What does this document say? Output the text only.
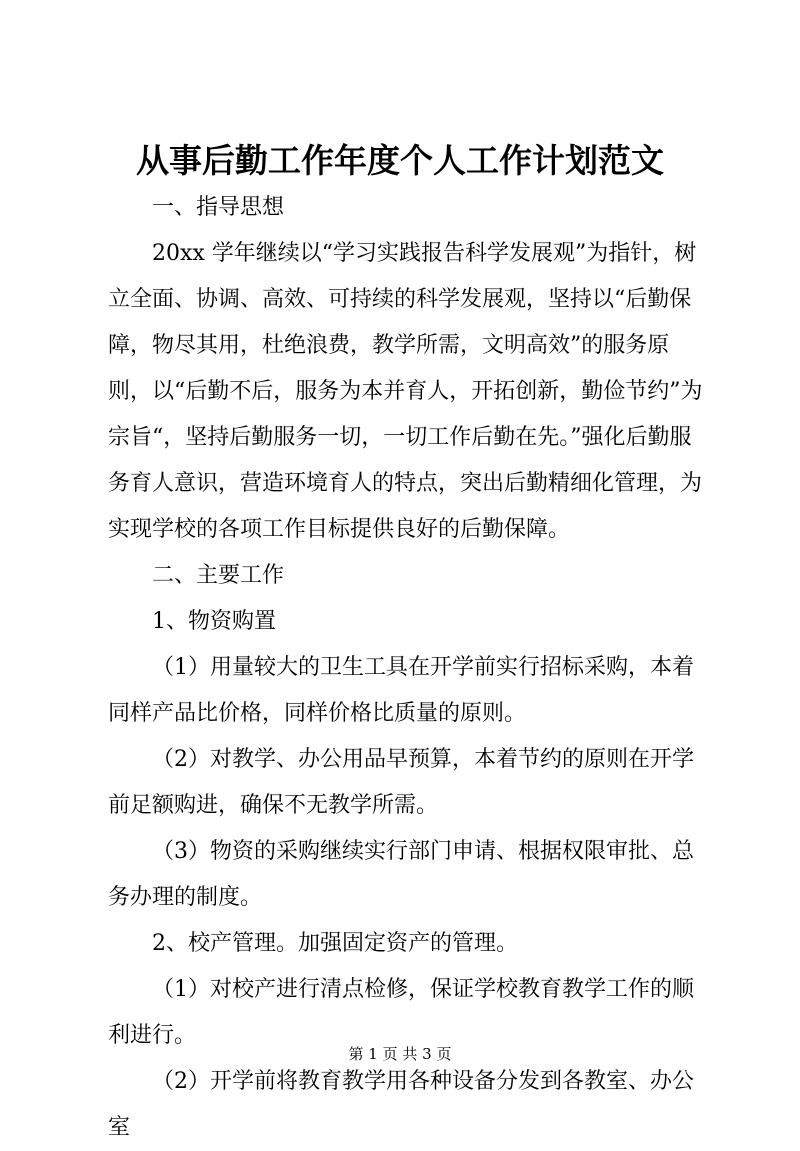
从事后勤工作年度个人工作计划范文

一、指导思想

20xx 学年继续以“学习实践报告科学发展观”为指针，树立全面、协调、高效、可持续的科学发展观，坚持以“后勤保障，物尽其用，杜绝浪费，教学所需，文明高效”的服务原则，以“后勤不后，服务为本并育人，开拓创新，勤俭节约”为宗旨“，坚持后勤服务一切，一切工作后勤在先。”强化后勤服务育人意识，营造环境育人的特点，突出后勤精细化管理，为实现学校的各项工作目标提供良好的后勤保障。

二、主要工作

1、物资购置

（1）用量较大的卫生工具在开学前实行招标采购，本着同样产品比价格，同样价格比质量的原则。

（2）对教学、办公用品早预算，本着节约的原则在开学前足额购进，确保不无教学所需。

（3）物资的采购继续实行部门申请、根据权限审批、总务办理的制度。

2、校产管理。加强固定资产的管理。

（1）对校产进行清点检修，保证学校教育教学工作的顺利进行。

（2）开学前将教育教学用各种设备分发到各教室、办公室

第 1 页 共 3 页
